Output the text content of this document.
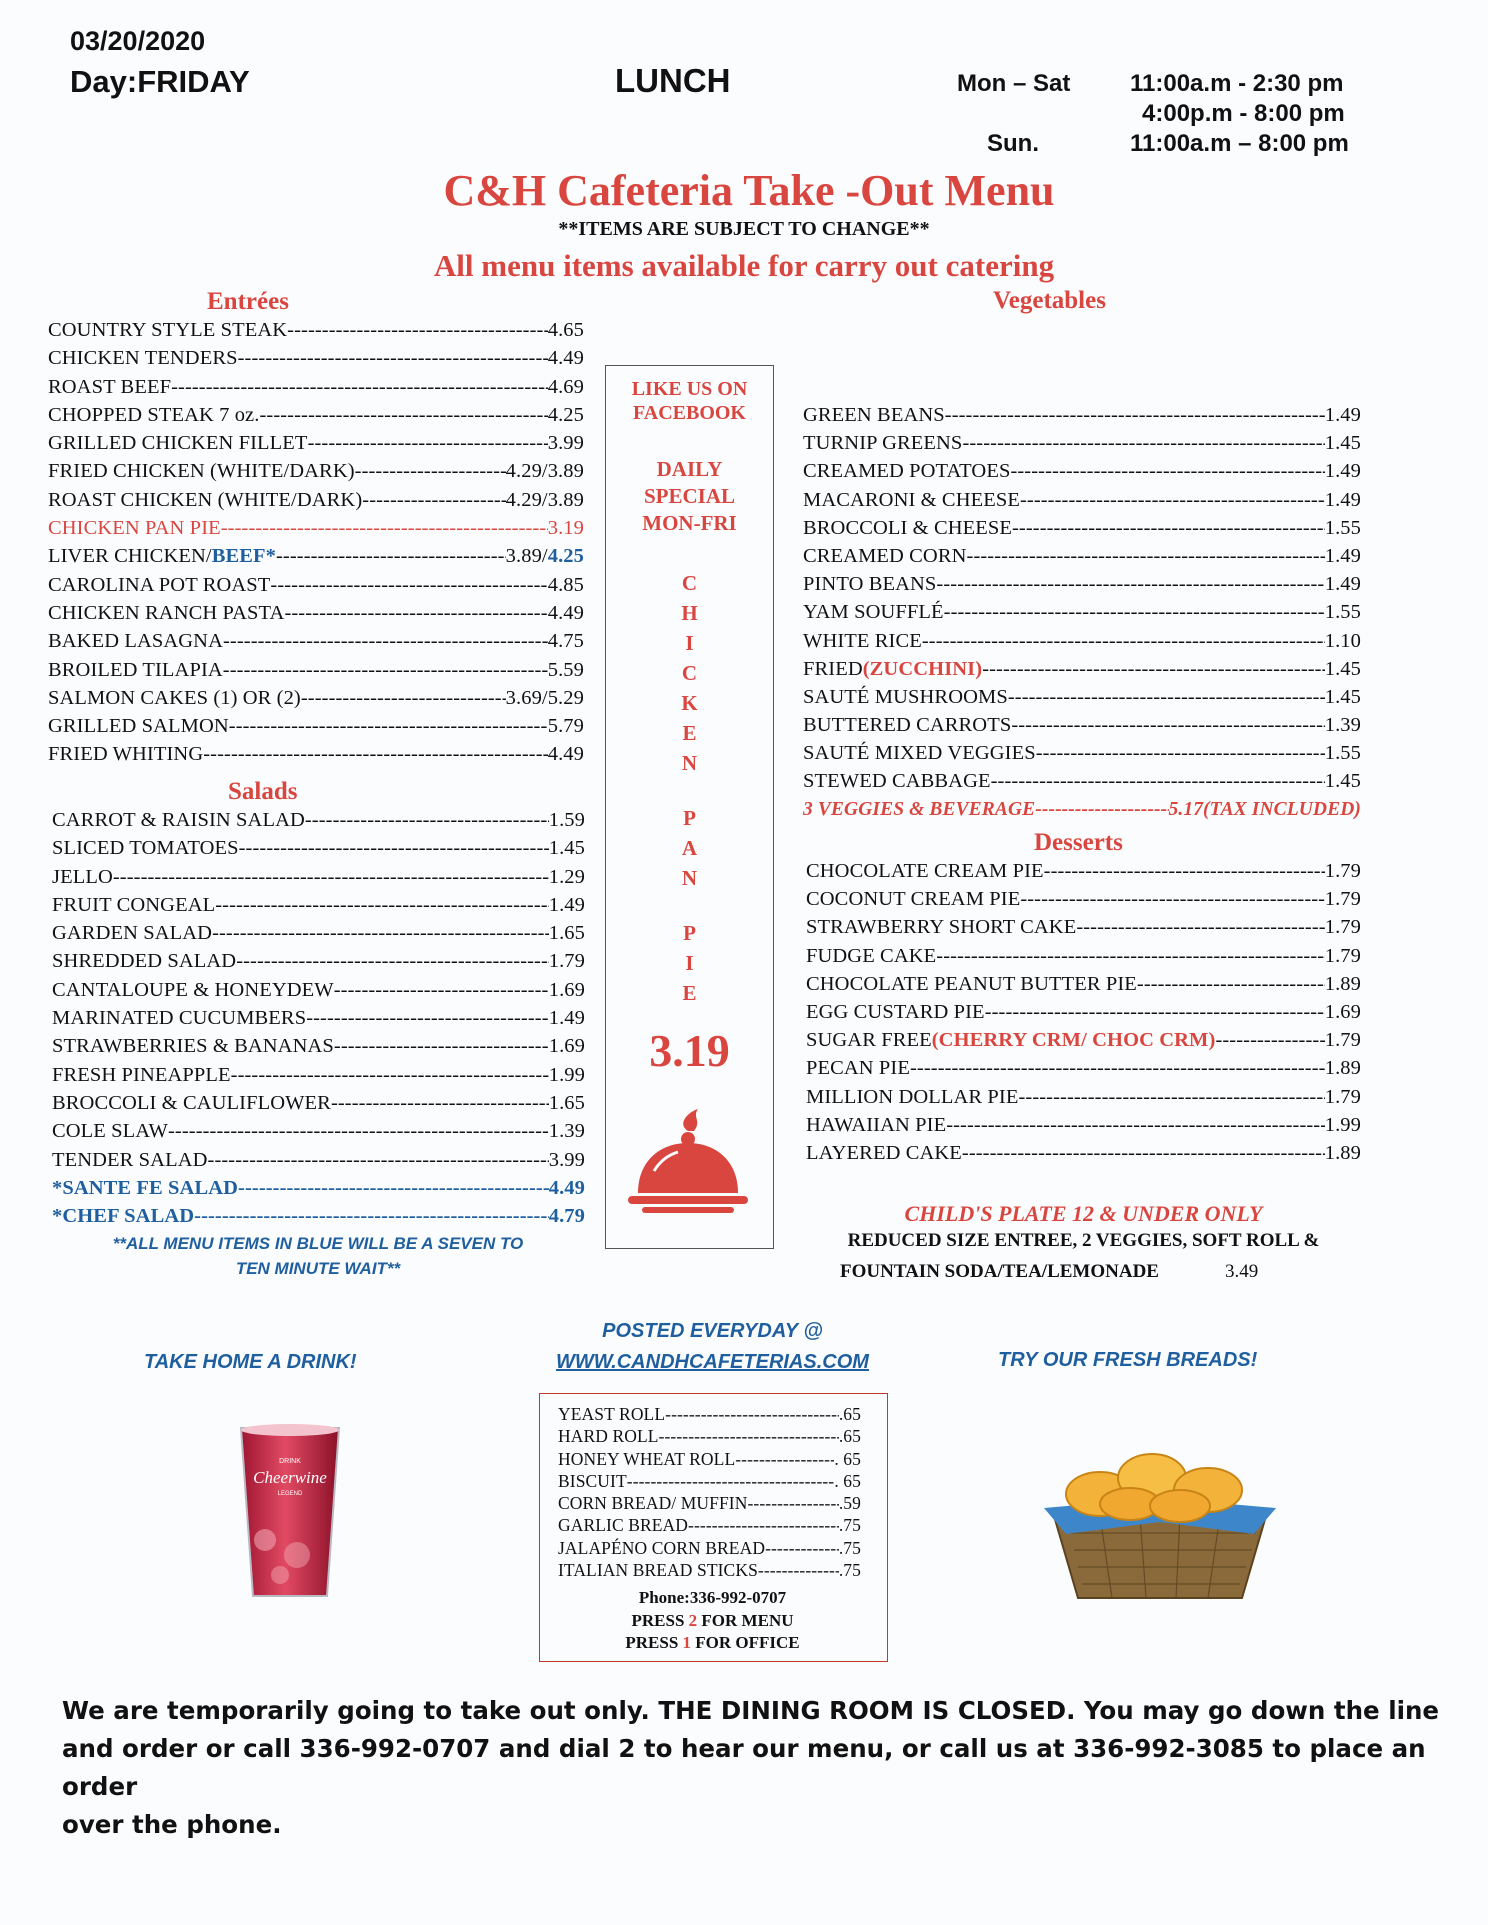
03/20/2020
Day:FRIDAY	LUNCH	Mon – Sat 11:00a.m - 2:30 pm
4:00p.m - 8:00 pm
Sun.	11:00a.m – 8:00 pm
C&H Cafeteria Take -Out Menu
**ITEMS ARE SUBJECT TO CHANGE**
All menu items available for carry out catering
Entrées
COUNTRY STYLE STEAK -----	4.65
CHICKEN TENDERS -----	4.49
ROAST BEEF -----	4.69
CHOPPED STEAK 7 oz. -----	4.25
GRILLED CHICKEN FILLET -----	3.99
FRIED CHICKEN (WHITE/DARK) -----	4.29/3.89
ROAST CHICKEN (WHITE/DARK) -----	4.29/3.89
CHICKEN PAN PIE -----	3.19
LIVER CHICKEN/ BEEF* -----	3.89/ 4.25
CAROLINA POT ROAST -----	4.85
CHICKEN RANCH PASTA -----	4.49
BAKED LASAGNA -----	4.75
BROILED TILAPIA -----	5.59
SALMON CAKES (1) OR (2) -----	3.69/5.29
GRILLED SALMON -----	5.79
FRIED WHITING -----	4.49
Salads
CARROT & RAISIN SALAD -----	1.59
SLICED TOMATOES -----	1.45
JELLO -----	1.29
FRUIT CONGEAL -----	1.49
GARDEN SALAD -----	1.65
SHREDDED SALAD -----	1.79
CANTALOUPE & HONEYDEW -----	1.69
MARINATED CUCUMBERS -----	1.49
STRAWBERRIES & BANANAS -----	1.69
FRESH PINEAPPLE -----	1.99
BROCCOLI & CAULIFLOWER -----	1.65
COLE SLAW -----	1.39
TENDER SALAD -----	3.99
*SANTE FE SALAD -----	4.49
*CHEF SALAD -----	4.79
**ALL MENU ITEMS IN BLUE WILL BE A SEVEN TO
TEN MINUTE WAIT**
LIKE US ON
FACEBOOK
DAILY
SPECIAL
MON-FRI
C
H
I
C
K
E
N
P
A
N
P
I
E
3.19
Vegetables
GREEN BEANS -----	1.49
TURNIP GREENS -----	1.45
CREAMED POTATOES -----	1.49
MACARONI & CHEESE -----	1.49
BROCCOLI & CHEESE -----	1.55
CREAMED CORN -----	1.49
PINTO BEANS -----	1.49
YAM SOUFFLÉ -----	1.55
WHITE RICE -----	1.10
FRIED (ZUCCHINI) -----	1.45
SAUTÉ MUSHROOMS -----	1.45
BUTTERED CARROTS -----	1.39
SAUTÉ MIXED VEGGIES -----	1.55
STEWED CABBAGE -----	1.45
3 VEGGIES & BEVERAGE -----	5.17(TAX INCLUDED)
Desserts
CHOCOLATE CREAM PIE -----	1.79
COCONUT CREAM PIE -----	1.79
STRAWBERRY SHORT CAKE -----	1.79
FUDGE CAKE -----	1.79
CHOCOLATE PEANUT BUTTER PIE -----	1.89
EGG CUSTARD PIE -----	1.69
SUGAR FREE (CHERRY CRM/ CHOC CRM) -----	1.79
PECAN PIE -----	1.89
MILLION DOLLAR PIE -----	1.79
HAWAIIAN PIE -----	1.99
LAYERED CAKE -----	1.89
CHILD'S PLATE 12 & UNDER ONLY
REDUCED SIZE ENTREE, 2 VEGGIES, SOFT ROLL &
FOUNTAIN SODA/TEA/LEMONADE	3.49
POSTED EVERYDAY @
WWW.CANDHCAFETERIAS.COM
TAKE HOME A DRINK!	TRY OUR FRESH BREADS!
DRINK
Cheerwine
LEGEND
YEAST ROLL -----	.65
HARD ROLL -----	.65
HONEY WHEAT ROLL -----	. 65
BISCUIT -----	. 65
CORN BREAD/ MUFFIN -----	.59
GARLIC BREAD -----	.75
JALAPÉNO CORN BREAD -----	.75
ITALIAN BREAD STICKS -----	.75
Phone:336-992-0707
PRESS 2 FOR MENU
PRESS 1 FOR OFFICE
We are temporarily going to take out only. THE DINING ROOM IS CLOSED. You may go down the line
and order or call 336-992-0707 and dial 2 to hear our menu, or call us at 336-992-3085 to place an order
over the phone.
